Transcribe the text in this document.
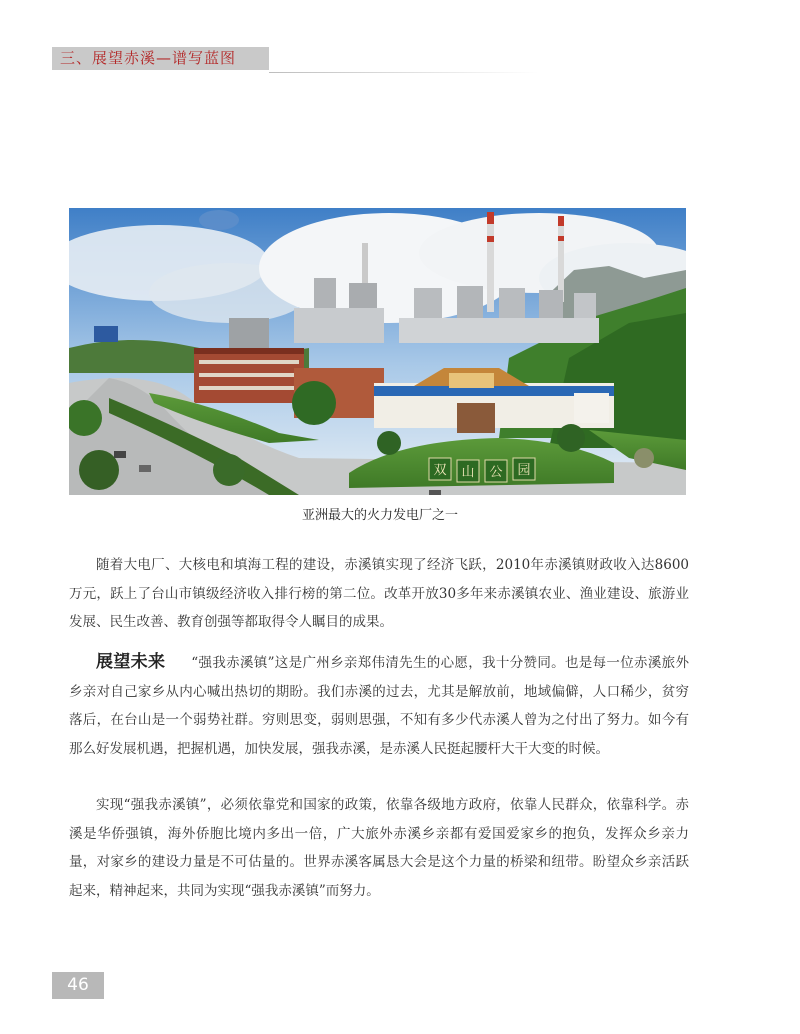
三、展望赤溪—谱写蓝图
双 山 公 园
亚洲最大的火力发电厂之一

随着大电厂、大核电和填海工程的建设，赤溪镇实现了经济飞跃，2010年赤溪镇财政收入达8600万元，跃上了台山市镇级经济收入排行榜的第二位。改革开放30多年来赤溪镇农业、渔业建设、旅游业发展、民生改善、教育创强等都取得令人瞩目的成果。

展望未来 “强我赤溪镇”这是广州乡亲郑伟清先生的心愿，我十分赞同。也是每一位赤溪旅外乡亲对自己家乡从内心喊出热切的期盼。我们赤溪的过去，尤其是解放前，地域偏僻，人口稀少，贫穷落后，在台山是一个弱势社群。穷则思变，弱则思强，不知有多少代赤溪人曾为之付出了努力。如今有那么好发展机遇，把握机遇，加快发展，强我赤溪，是赤溪人民挺起腰杆大干大变的时候。

实现“强我赤溪镇”，必须依靠党和国家的政策，依靠各级地方政府，依靠人民群众，依靠科学。赤溪是华侨强镇，海外侨胞比境内多出一倍，广大旅外赤溪乡亲都有爱国爱家乡的抱负，发挥众乡亲力量，对家乡的建设力量是不可估量的。世界赤溪客属恳大会是这个力量的桥梁和纽带。盼望众乡亲活跃起来，精神起来，共同为实现“强我赤溪镇”而努力。

46
